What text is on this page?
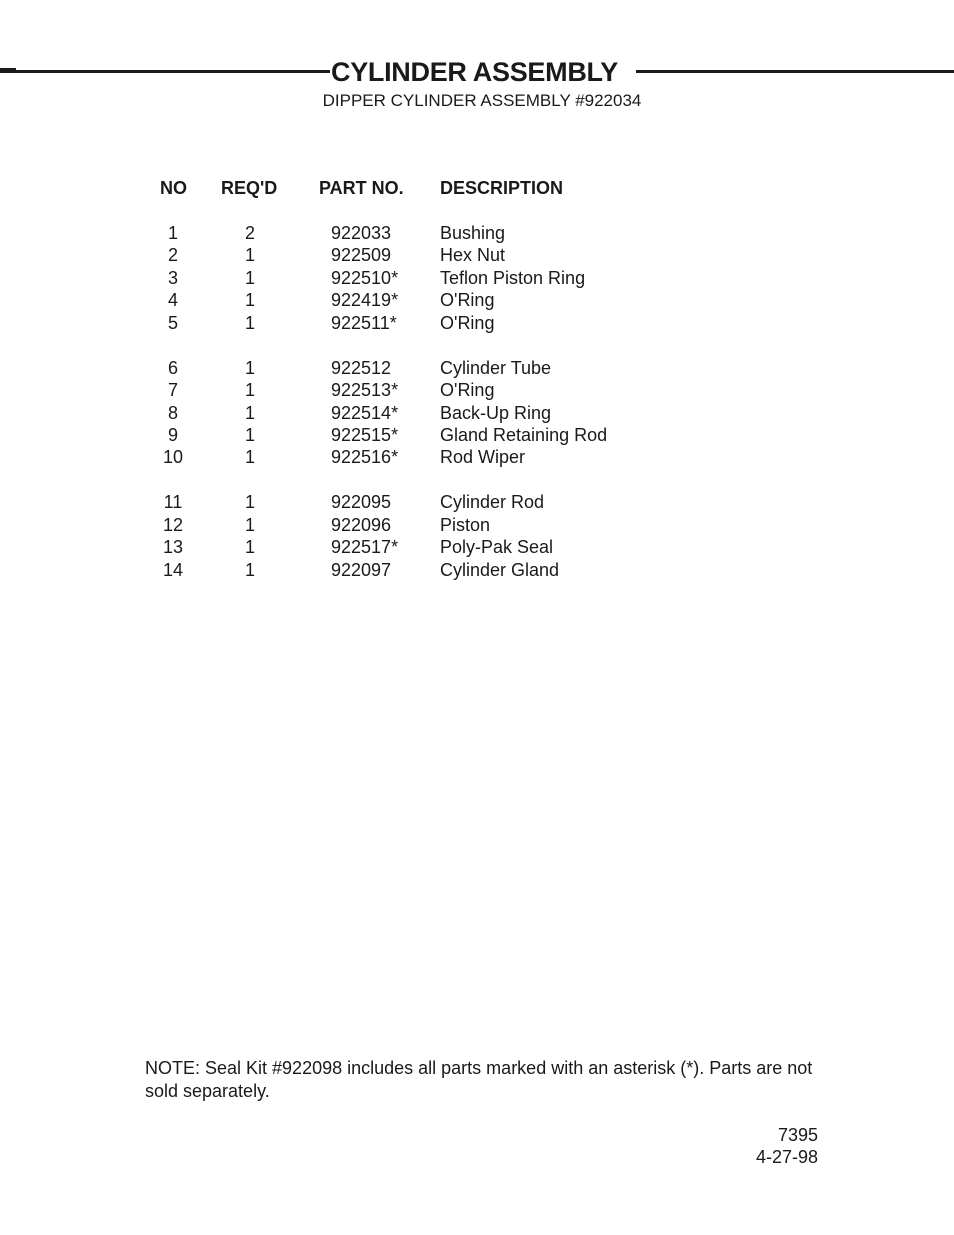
CYLINDER ASSEMBLY
DIPPER CYLINDER ASSEMBLY #922034
NO REQ'D PART NO. DESCRIPTION
1	2	922033	Bushing
2	1	922509	Hex Nut
3	1	922510* Teflon Piston Ring
4	1	922419* O'Ring
5	1	922511* O'Ring
6	1	922512	Cylinder Tube
7	1	922513* O'Ring
8	1	922514* Back-Up Ring
9	1	922515* Gland Retaining Rod
10	1	922516* Rod Wiper
11	1	922095	Cylinder Rod
12	1	922096	Piston
13	1	922517* Poly-Pak Seal
14	1	922097	Cylinder Gland
NOTE: Seal Kit #922098 includes all parts marked with an asterisk (*). Parts are not sold separately.
7395
4-27-98
